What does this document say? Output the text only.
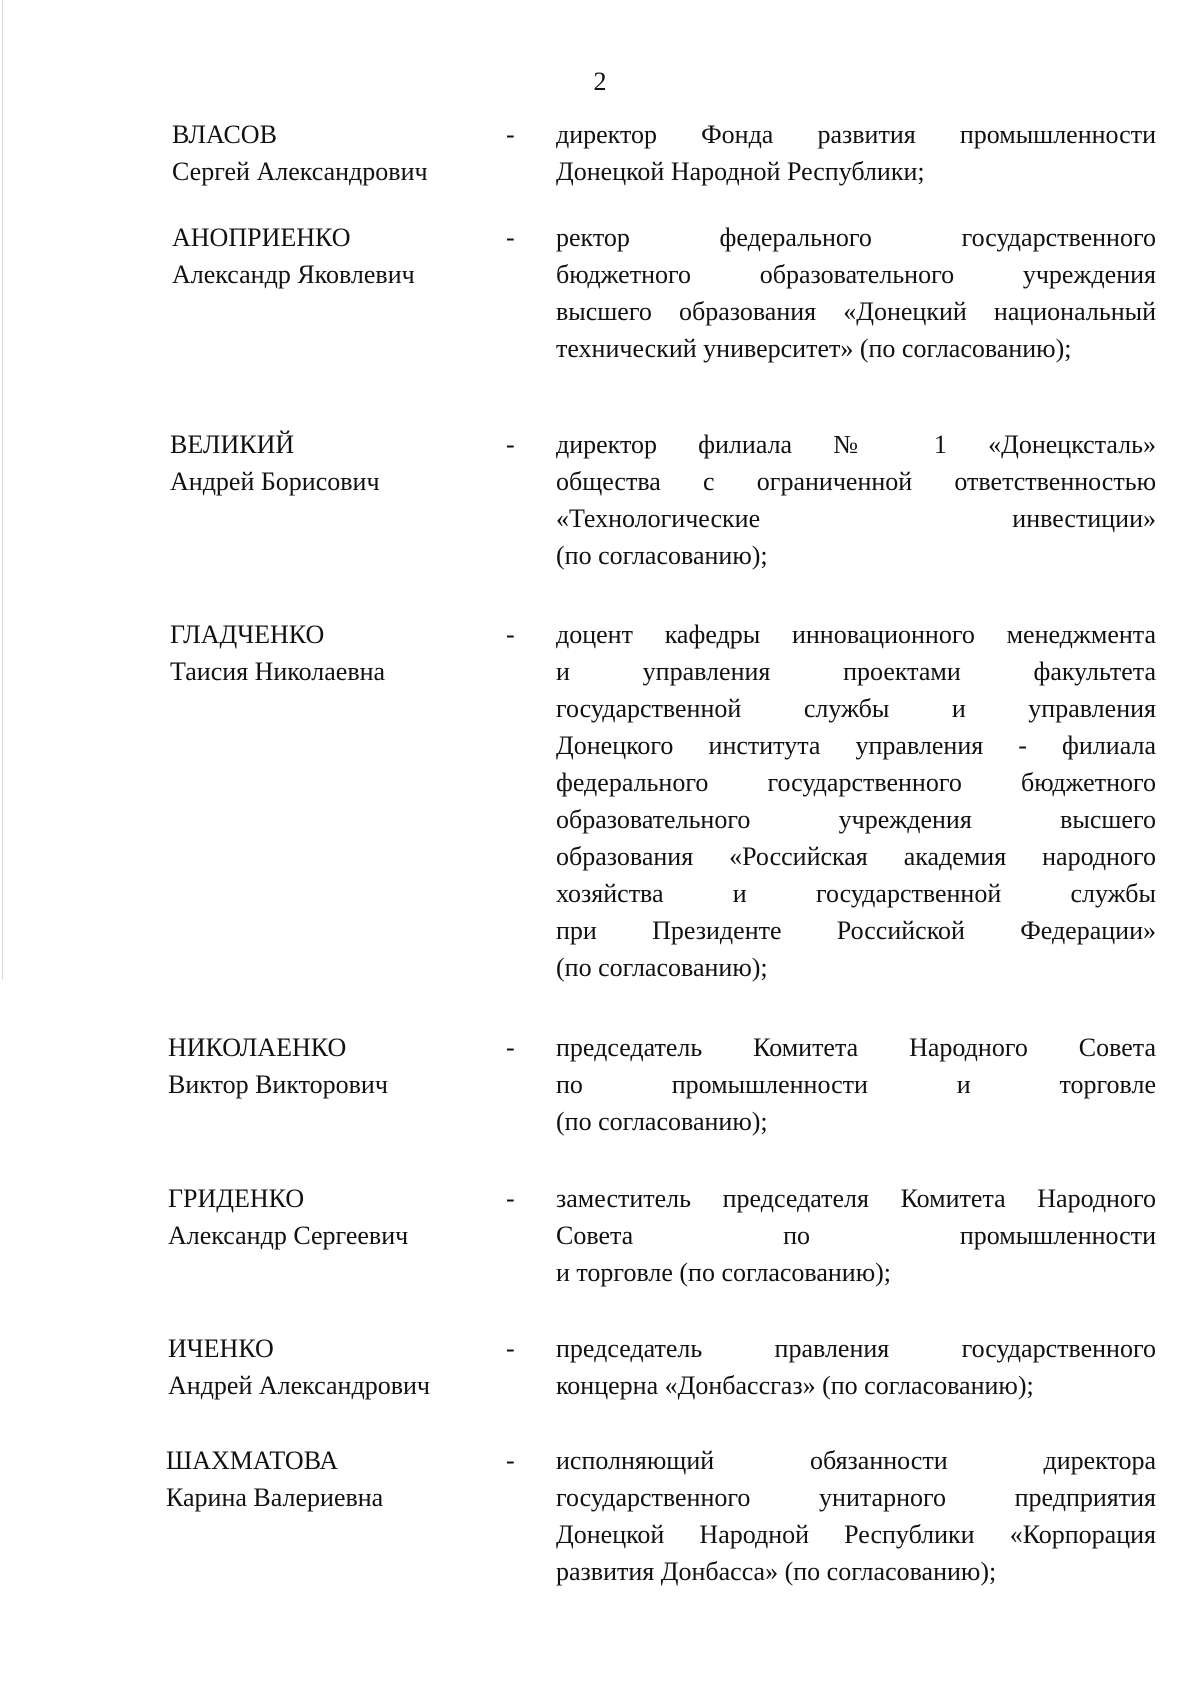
2
ВЛАСОВ
Сергей Александрович
- директор Фонда развития промышленности
Донецкой Народной Республики;
АНОПРИЕНКО
Александр Яковлевич
- ректор федерального государственного
бюджетного образовательного учреждения
высшего образования «Донецкий национальный
технический университет» (по согласованию);
ВЕЛИКИЙ
Андрей Борисович
- директор филиала № 1 «Донецксталь»
общества с ограниченной ответственностью
«Технологические инвестиции»
(по согласованию);
ГЛАДЧЕНКО
Таисия Николаевна
- доцент кафедры инновационного менеджмента
и управления проектами факультета
государственной службы и управления
Донецкого института управления - филиала
федерального государственного бюджетного
образовательного учреждения высшего
образования «Российская академия народного
хозяйства и государственной службы
при Президенте Российской Федерации»
(по согласованию);
НИКОЛАЕНКО
Виктор Викторович
- председатель Комитета Народного Совета
по промышленности и торговле
(по согласованию);
ГРИДЕНКО
Александр Сергеевич
- заместитель председателя Комитета Народного
Совета по промышленности
и торговле (по согласованию);
ИЧЕНКО
Андрей Александрович
- председатель правления государственного
концерна «Донбассгаз» (по согласованию);
ШАХМАТОВА
Карина Валериевна
- исполняющий обязанности директора
государственного унитарного предприятия
Донецкой Народной Республики «Корпорация
развития Донбасса» (по согласованию);
